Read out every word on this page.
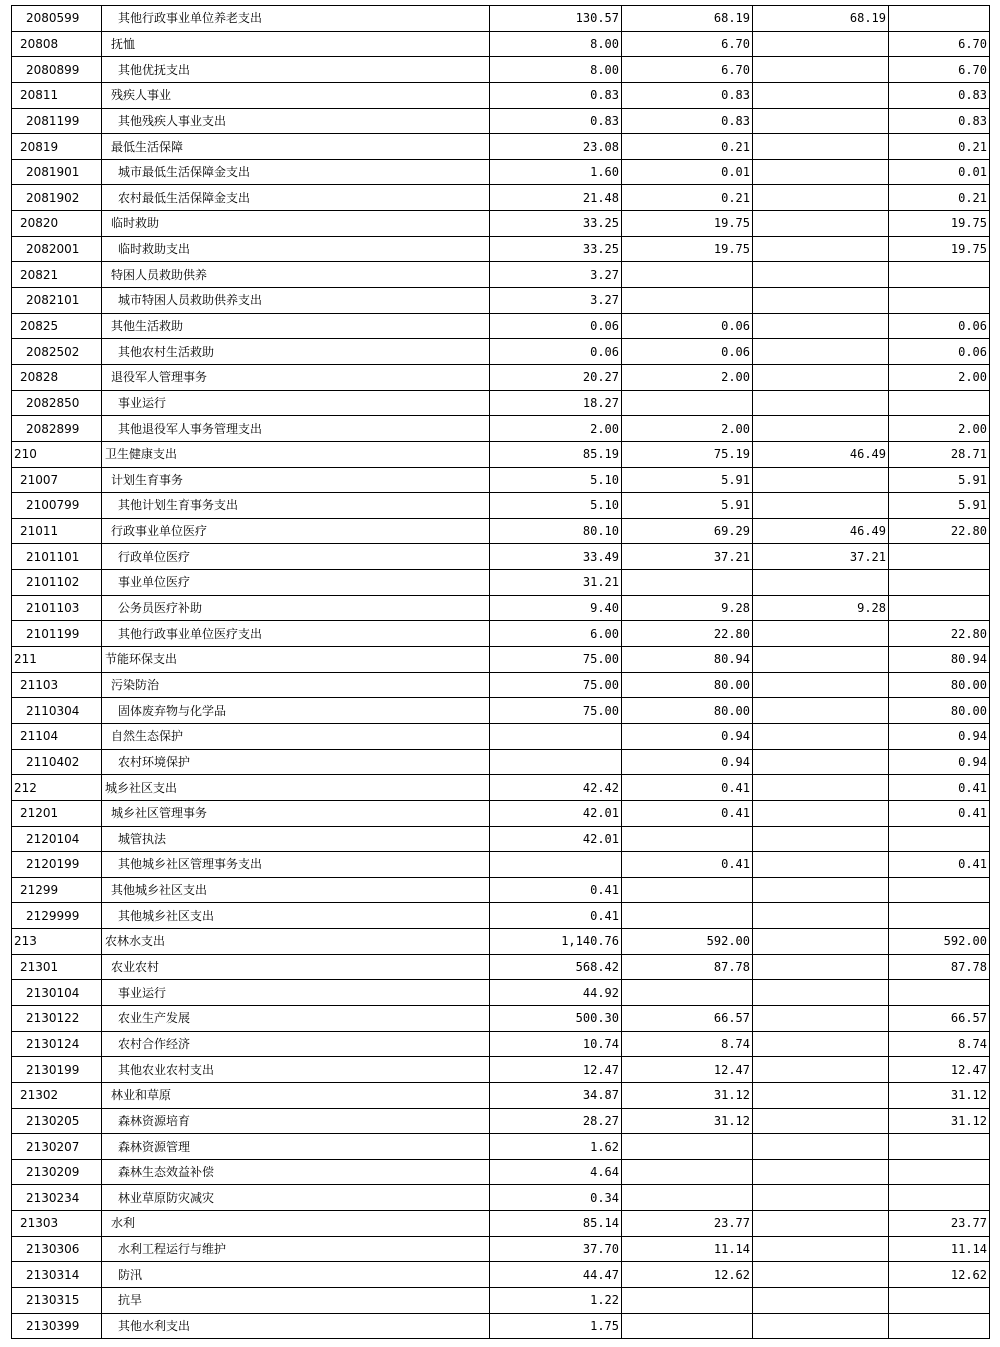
2080599	其他行政事业单位养老支出	130.57	68.19	68.19	
20808	抚恤	8.00	6.70		6.70
2080899	其他优抚支出	8.00	6.70		6.70
20811	残疾人事业	0.83	0.83		0.83
2081199	其他残疾人事业支出	0.83	0.83		0.83
20819	最低生活保障	23.08	0.21		0.21
2081901	城市最低生活保障金支出	1.60	0.01		0.01
2081902	农村最低生活保障金支出	21.48	0.21		0.21
20820	临时救助	33.25	19.75		19.75
2082001	临时救助支出	33.25	19.75		19.75
20821	特困人员救助供养	3.27			
2082101	城市特困人员救助供养支出	3.27			
20825	其他生活救助	0.06	0.06		0.06
2082502	其他农村生活救助	0.06	0.06		0.06
20828	退役军人管理事务	20.27	2.00		2.00
2082850	事业运行	18.27			
2082899	其他退役军人事务管理支出	2.00	2.00		2.00
210	卫生健康支出	85.19	75.19	46.49	28.71
21007	计划生育事务	5.10	5.91		5.91
2100799	其他计划生育事务支出	5.10	5.91		5.91
21011	行政事业单位医疗	80.10	69.29	46.49	22.80
2101101	行政单位医疗	33.49	37.21	37.21	
2101102	事业单位医疗	31.21			
2101103	公务员医疗补助	9.40	9.28	9.28	
2101199	其他行政事业单位医疗支出	6.00	22.80		22.80
211	节能环保支出	75.00	80.94		80.94
21103	污染防治	75.00	80.00		80.00
2110304	固体废弃物与化学品	75.00	80.00		80.00
21104	自然生态保护		0.94		0.94
2110402	农村环境保护		0.94		0.94
212	城乡社区支出	42.42	0.41		0.41
21201	城乡社区管理事务	42.01	0.41		0.41
2120104	城管执法	42.01			
2120199	其他城乡社区管理事务支出		0.41		0.41
21299	其他城乡社区支出	0.41			
2129999	其他城乡社区支出	0.41			
213	农林水支出	1,140.76	592.00		592.00
21301	农业农村	568.42	87.78		87.78
2130104	事业运行	44.92			
2130122	农业生产发展	500.30	66.57		66.57
2130124	农村合作经济	10.74	8.74		8.74
2130199	其他农业农村支出	12.47	12.47		12.47
21302	林业和草原	34.87	31.12		31.12
2130205	森林资源培育	28.27	31.12		31.12
2130207	森林资源管理	1.62			
2130209	森林生态效益补偿	4.64			
2130234	林业草原防灾减灾	0.34			
21303	水利	85.14	23.77		23.77
2130306	水利工程运行与维护	37.70	11.14		11.14
2130314	防汛	44.47	12.62		12.62
2130315	抗旱	1.22			
2130399	其他水利支出	1.75			
